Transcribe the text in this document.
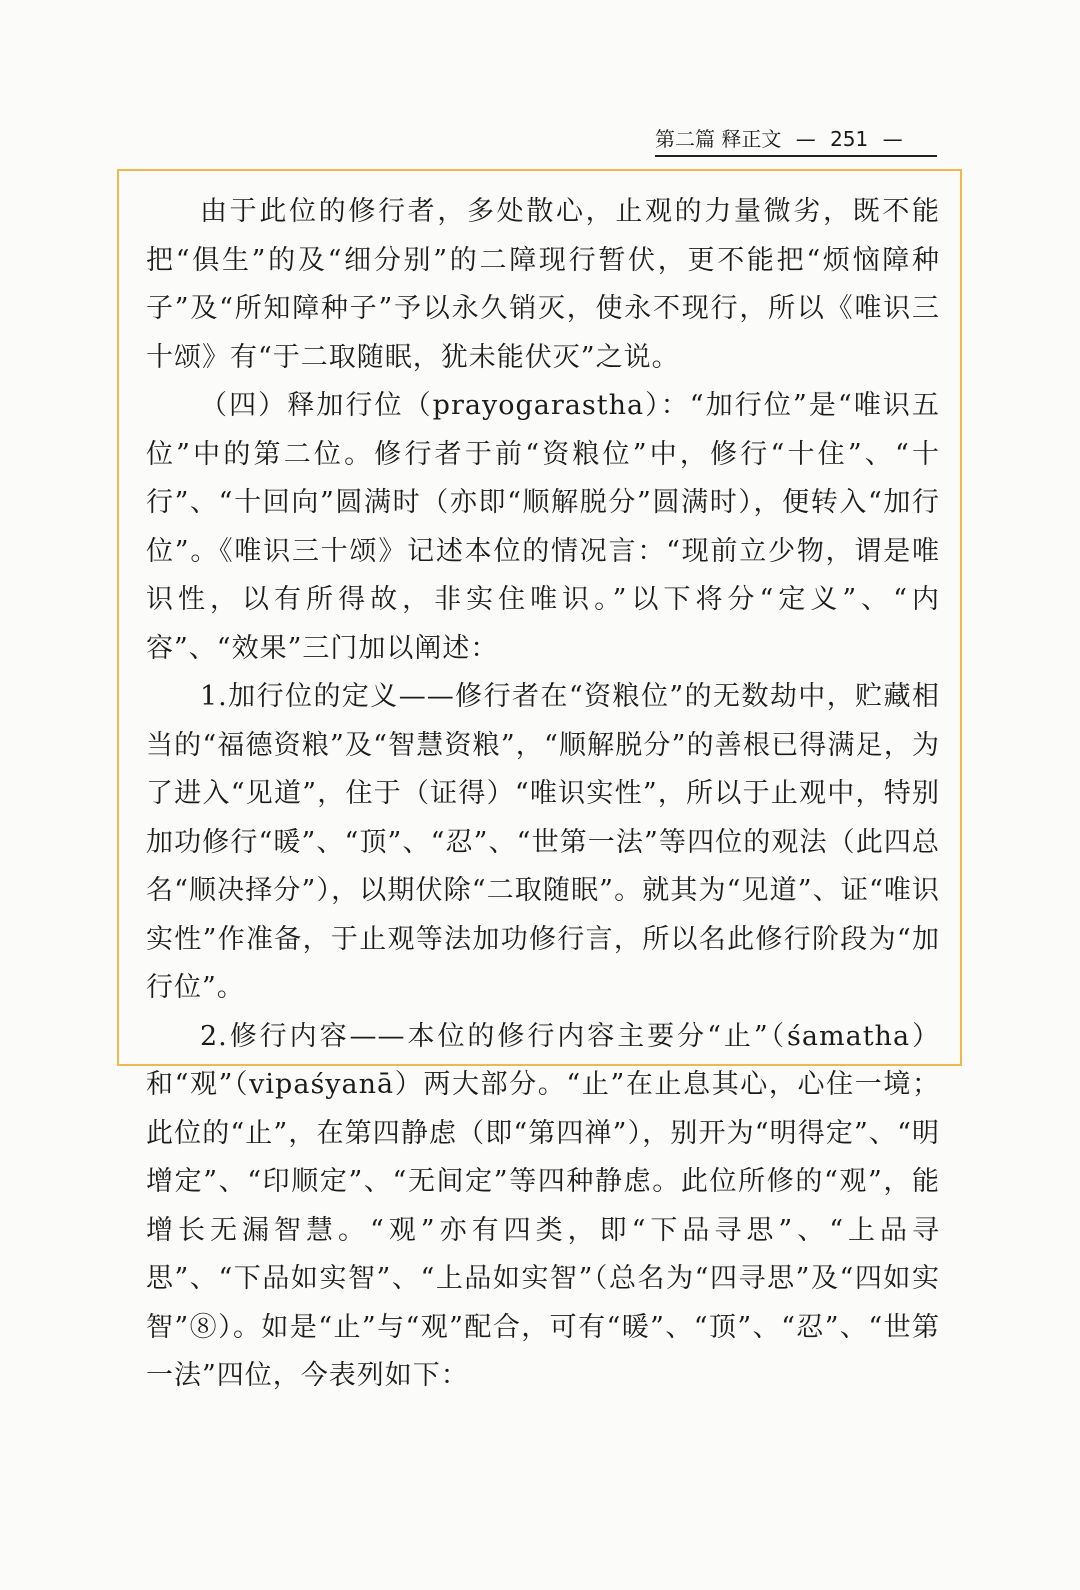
第二篇 释正文 — 251 —

由于此位的修行者，多处散心，止观的力量微劣，既不能把“俱生”的及“细分别”的二障现行暂伏，更不能把“烦恼障种子”及“所知障种子”予以永久销灭，使永不现行，所以《唯识三十颂》有“于二取随眠，犹未能伏灭”之说。

（四）释加行位（prayogarastha）：“加行位”是“唯识五位”中的第二位。修行者于前“资粮位”中，修行“十住”、“十行”、“十回向”圆满时（亦即“顺解脱分”圆满时），便转入“加行位”。《唯识三十颂》记述本位的情况言：“现前立少物，谓是唯识性，以有所得故，非实住唯识。”以下将分“定义”、“内容”、“效果”三门加以阐述：

1.加行位的定义——修行者在“资粮位”的无数劫中，贮藏相当的“福德资粮”及“智慧资粮”，“顺解脱分”的善根已得满足，为了进入“见道”，住于（证得）“唯识实性”，所以于止观中，特别加功修行“暖”、“顶”、“忍”、“世第一法”等四位的观法（此四总名“顺决择分”），以期伏除“二取随眠”。就其为“见道”、证“唯识实性”作准备，于止观等法加功修行言，所以名此修行阶段为“加行位”。

2.修行内容——本位的修行内容主要分“止”（śamatha）和“观”（vipaśyanā）两大部分。“止”在止息其心，心住一境；此位的“止”，在第四静虑（即“第四禅”），别开为“明得定”、“明增定”、“印顺定”、“无间定”等四种静虑。此位所修的“观”，能增长无漏智慧。“观”亦有四类，即“下品寻思”、“上品寻思”、“下品如实智”、“上品如实智”（总名为“四寻思”及“四如实智”⑧）。如是“止”与“观”配合，可有“暖”、“顶”、“忍”、“世第一法”四位，今表列如下：
